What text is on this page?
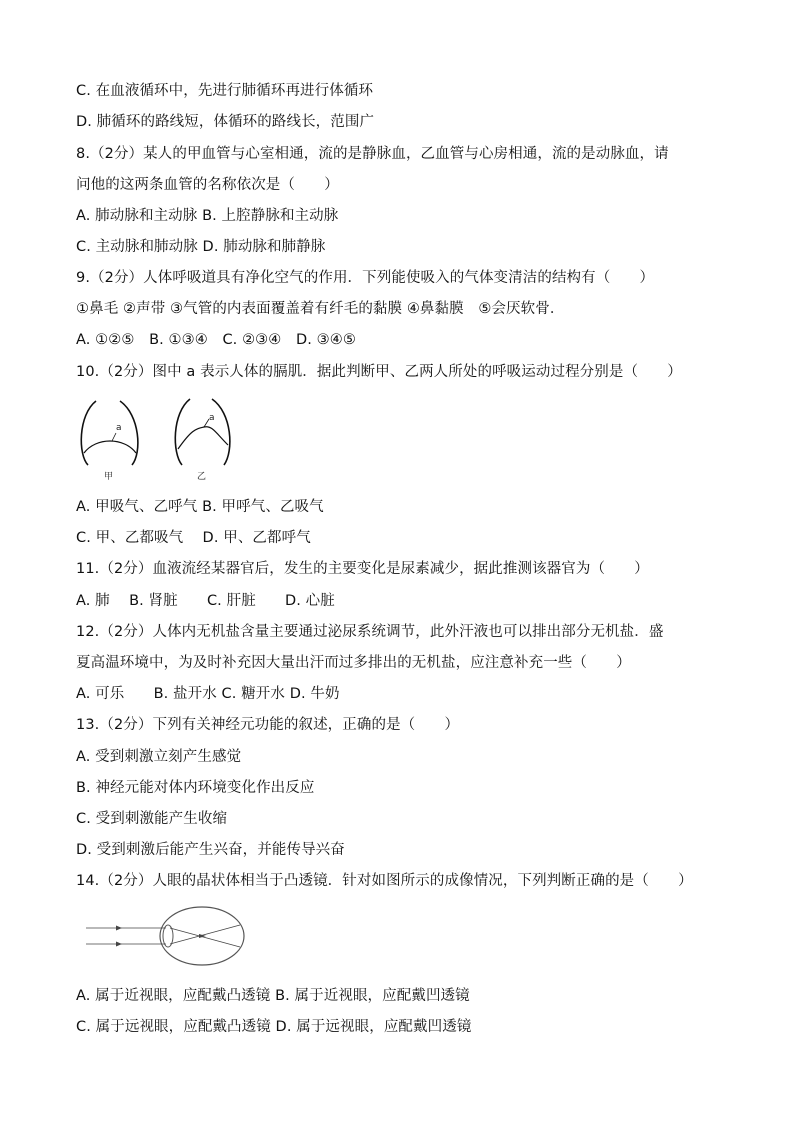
C. 在血液循环中，先进行肺循环再进行体循环
D. 肺循环的路线短，体循环的路线长，范围广
8.（2分）某人的甲血管与心室相通，流的是静脉血，乙血管与心房相通，流的是动脉血，请
问他的这两条血管的名称依次是（　　）
A. 肺动脉和主动脉 B. 上腔静脉和主动脉
C. 主动脉和肺动脉 D. 肺动脉和肺静脉
9.（2分）人体呼吸道具有净化空气的作用．下列能使吸入的气体变清洁的结构有（　　）
①鼻毛 ②声带 ③气管的内表面覆盖着有纤毛的黏膜 ④鼻黏膜　⑤会厌软骨．
A. ①②⑤　B. ①③④　C. ②③④　D. ③④⑤
10.（2分）图中 a 表示人体的膈肌．据此判断甲、乙两人所处的呼吸运动过程分别是（　　）
a
a
甲	乙
A. 甲吸气、乙呼气 B. 甲呼气、乙吸气
C. 甲、乙都吸气　 D. 甲、乙都呼气
11.（2分）血液流经某器官后，发生的主要变化是尿素减少，据此推测该器官为（　　）
A. 肺　 B. 肾脏　　C. 肝脏　　D. 心脏
12.（2分）人体内无机盐含量主要通过泌尿系统调节，此外汗液也可以排出部分无机盐．盛
夏高温环境中，为及时补充因大量出汗而过多排出的无机盐，应注意补充一些（　　）
A. 可乐　　B. 盐开水 C. 糖开水 D. 牛奶
13.（2分）下列有关神经元功能的叙述，正确的是（　　）
A. 受到刺激立刻产生感觉
B. 神经元能对体内环境变化作出反应
C. 受到刺激能产生收缩
D. 受到刺激后能产生兴奋，并能传导兴奋
14.（2分）人眼的晶状体相当于凸透镜．针对如图所示的成像情况，下列判断正确的是（　　）
A. 属于近视眼，应配戴凸透镜 B. 属于近视眼，应配戴凹透镜
C. 属于远视眼，应配戴凸透镜 D. 属于远视眼，应配戴凹透镜
